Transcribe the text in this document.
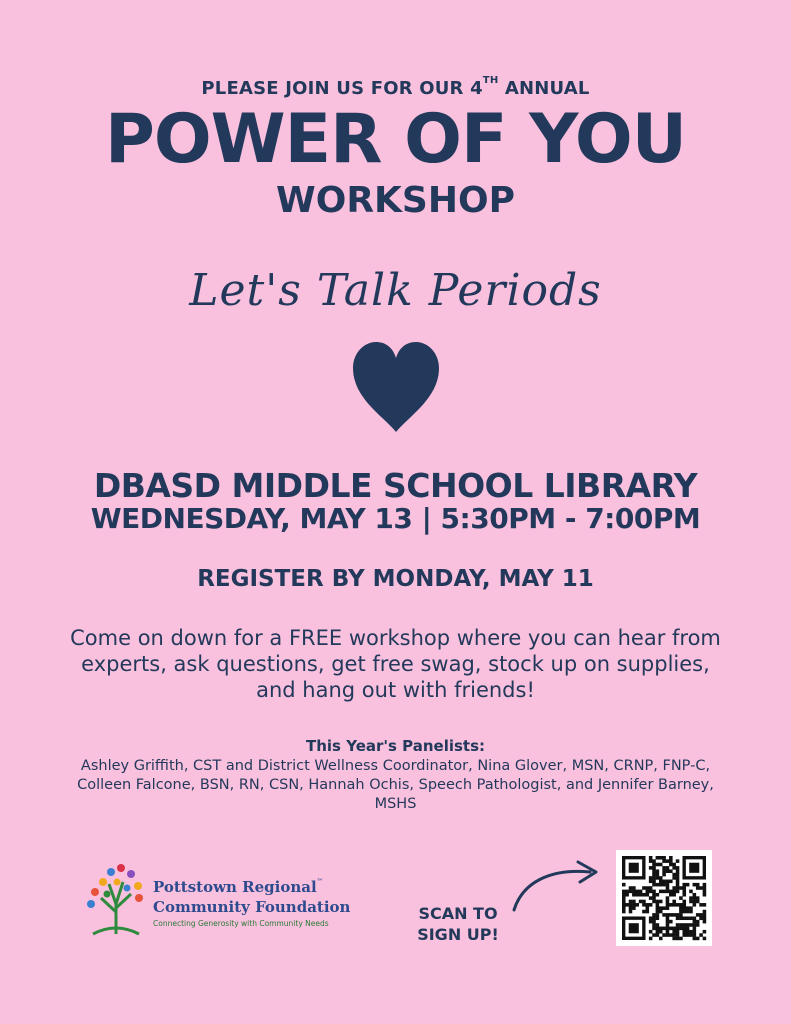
PLEASE JOIN US FOR OUR 4TH ANNUAL
POWER OF YOU
WORKSHOP
Let's Talk Periods
DBASD MIDDLE SCHOOL LIBRARY
WEDNESDAY, MAY 13 | 5:30PM - 7:00PM
REGISTER BY MONDAY, MAY 11
Come on down for a FREE workshop where you can hear from experts, ask questions, get free swag, stock up on supplies, and hang out with friends!
This Year's Panelists:
Ashley Griffith, CST and District Wellness Coordinator, Nina Glover, MSN, CRNP, FNP-C, Colleen Falcone, BSN, RN, CSN, Hannah Ochis, Speech Pathologist, and Jennifer Barney, MSHS
Pottstown Regional™
Community Foundation
Connecting Generosity with Community Needs
SCAN TO SIGN UP!
